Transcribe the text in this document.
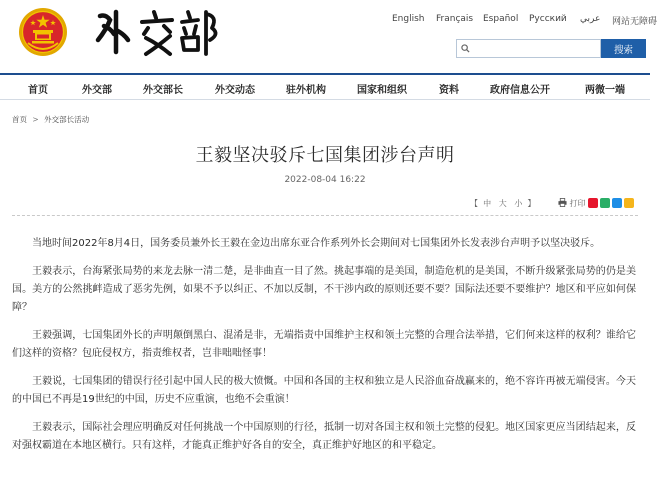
English Français Español Русский عربي 网站无障碍
搜索
首页	外交部	外交部长	外交动态	驻外机构	国家和组织	资料	政府信息公开	两微一端
首页 > 外交部长活动
王毅坚决驳斥七国集团涉台声明
2022-08-04 16:22
【  中 大 小  】	打印

当地时间2022年8月4日，国务委员兼外长王毅在金边出席东亚合作系列外长会期间对七国集团外长发表涉台声明予以坚决驳斥。

王毅表示，台海紧张局势的来龙去脉一清二楚，是非曲直一目了然。挑起事端的是美国，制造危机的是美国，不断升级紧张局势的仍是美国。美方的公然挑衅造成了恶劣先例，如果不予以纠正、不加以反制，不干涉内政的原则还要不要？国际法还要不要维护？地区和平应如何保障？

王毅强调，七国集团外长的声明颠倒黑白、混淆是非，无端指责中国维护主权和领土完整的合理合法举措，它们何来这样的权利？谁给它们这样的资格？包庇侵权方，指责维权者，岂非咄咄怪事！

王毅说，七国集团的错误行径引起中国人民的极大愤慨。中国和各国的主权和独立是人民浴血奋战赢来的，绝不容许再被无端侵害。今天的中国已不再是19世纪的中国，历史不应重演，也绝不会重演！

王毅表示，国际社会理应明确反对任何挑战一个中国原则的行径，抵制一切对各国主权和领土完整的侵犯。地区国家更应当团结起来，反对强权霸道在本地区横行。只有这样，才能真正维护好各自的安全，真正维护好地区的和平稳定。
